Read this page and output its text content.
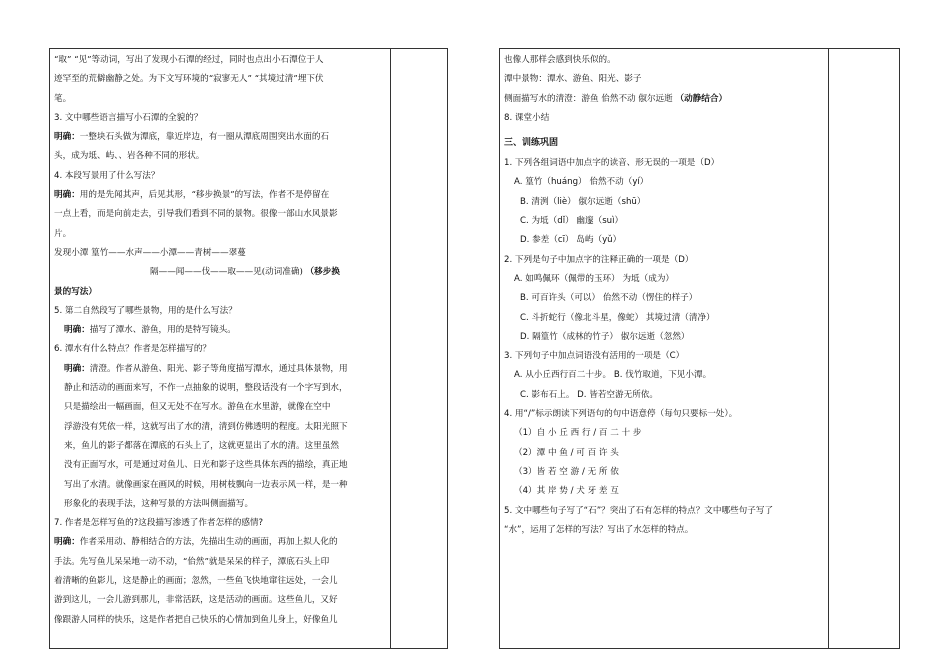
“取” “见”等动词，写出了发现小石潭的经过，同时也点出小石潭位于人
迹罕至的荒僻幽静之处。为下文写环境的“寂寥无人” “其境过清”埋下伏
笔。
3. 文中哪些语言描写小石潭的全貌的？
明确：一整块石头做为潭底，靠近岸边，有一圈从潭底周围突出水面的石
头，成为坻、屿、、岩各种不同的形状。
4. 本段写景用了什么写法？
明确：用的是先闻其声，后见其形，“移步换景”的写法，作者不是停留在
一点上看，而是向前走去，引导我们看到不同的景物。很像一部山水风景影
片。
发现小潭 篁竹——水声——小潭——青树——翠蔓
隔——闻——伐——取——见(动词准确) （移步换
景的写法）
5. 第二自然段写了哪些景物，用的是什么写法？
明确：描写了潭水、游鱼，用的是特写镜头。
6. 潭水有什么特点？作者是怎样描写的？
明确：清澄。作者从游鱼、阳光、影子等角度描写潭水，通过具体景物，用
静止和活动的画面来写，不作一点抽象的说明，整段话没有一个字写到水，
只是描绘出一幅画面，但又无处不在写水。游鱼在水里游，就像在空中
浮游没有凭依一样，这就写出了水的清，清到仿佛透明的程度。太阳光照下
来，鱼儿的影子都落在潭底的石头上了，这就更显出了水的清。这里虽然
没有正面写水，可是通过对鱼儿、日光和影子这些具体东西的描绘，真正地
写出了水清。就像画家在画风的时候，用树枝飘向一边表示风一样，是一种
形象化的表现手法，这种写景的方法叫侧面描写。
7. 作者是怎样写鱼的?这段描写渗透了作者怎样的感情?
明确：作者采用动、静相结合的方法，先描出生动的画面，再加上拟人化的
手法。先写鱼儿呆呆地一动不动，“佁然”就是呆呆的样子，潭底石头上印
着清晰的鱼影儿，这是静止的画面；忽然，一些鱼飞快地窜往远处，一会儿
游到这儿，一会儿游到那儿，非常活跃，这是活动的画面。这些鱼儿，又好
像跟游人同样的快乐，这是作者把自己快乐的心情加到鱼儿身上，好像鱼儿
也像人那样会感到快乐似的。
潭中景物：潭水、游鱼、阳光、影子
侧面描写水的清澄：游鱼 佁然不动 俶尔远逝 （动静结合）
8. 课堂小结
三、训练巩固
1. 下列各组词语中加点字的读音、形无误的一项是（D）
A. 篁竹（huáng） 佁然不动（yí）
B. 清洌（liè） 俶尔远逝（shū）
C. 为坻（dǐ） 幽邃（suì）
D. 参差（cī） 岛屿（yǔ）
2. 下列是句子中加点字的注释正确的一项是（D）
A. 如鸣佩环（佩带的玉环） 为坻（成为）
B. 可百许头（可以） 佁然不动（愣住的样子）
C. 斗折蛇行（像北斗星，像蛇） 其境过清（清净）
D. 隔篁竹（成林的竹子） 俶尔远逝（忽然）
3. 下列句子中加点词语没有活用的一项是（C）
A. 从小丘西行百二十步。 B. 伐竹取道，下见小潭。
C. 影布石上。 D. 皆若空游无所依。
4. 用“/”标示朗读下列语句的句中语意停（每句只要标一处）。
（1）自 小 丘 西 行 / 百 二 十 步
（2）潭 中 鱼 / 可 百 许 头
（3）皆 若 空 游 / 无 所 依
（4）其 岸 势 / 犬 牙 差 互
5. 文中哪些句子写了“石”？突出了石有怎样的特点？文中哪些句子写了
“水”，运用了怎样的写法？写出了水怎样的特点。
